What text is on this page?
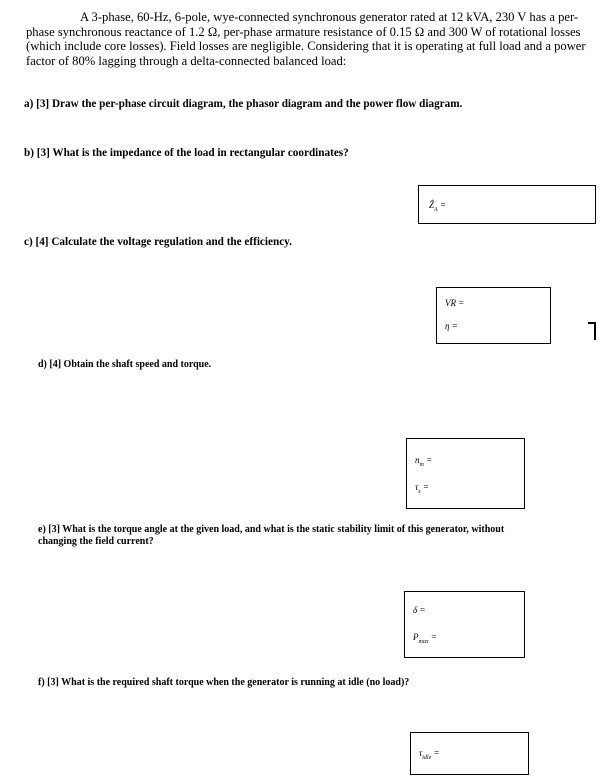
A 3-phase, 60-Hz, 6-pole, wye-connected synchronous generator rated at 12 kVA, 230 V has a per-phase synchronous reactance of 1.2 Ω, per-phase armature resistance of 0.15 Ω and 300 W of rotational losses (which include core losses). Field losses are negligible. Considering that it is operating at full load and a power factor of 80% lagging through a delta-connected balanced load:
a) [3] Draw the per-phase circuit diagram, the phasor diagram and the power flow diagram.
b) [3] What is the impedance of the load in rectangular coordinates?
Ẑ$_A$ =
c) [4] Calculate the voltage regulation and the efficiency.
VR =
η =
d) [4] Obtain the shaft speed and torque.
$n_m$ =
$\tau_s$ =
e) [3] What is the torque angle at the given load, and what is the static stability limit of this generator, without changing the field current?
δ =
$P_{max}$ =
f) [3] What is the required shaft torque when the generator is running at idle (no load)?
$\tau_{idle}$ =
